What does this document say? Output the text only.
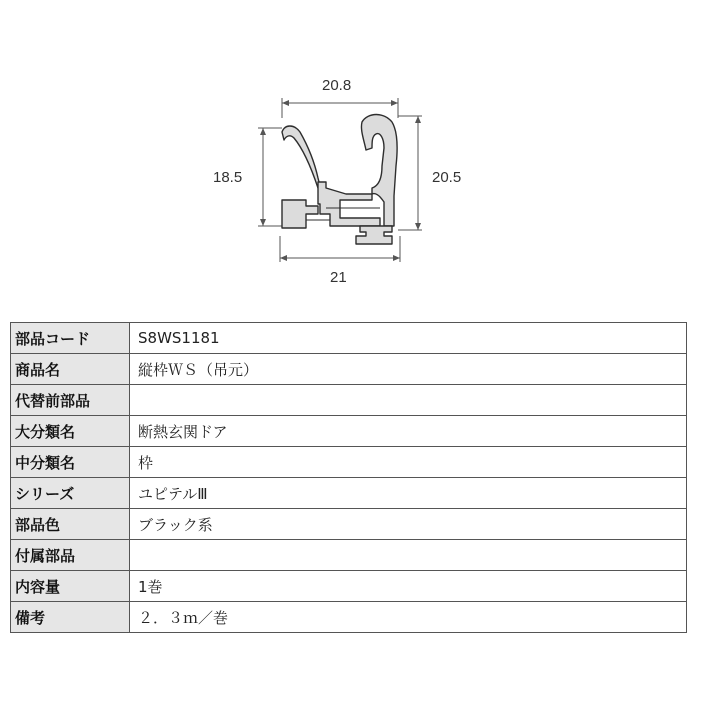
20.8
18.5	20.5
21
部品コード	S8WS1181
商品名	縦枠ＷＳ（吊元）
代替前部品	
大分類名	断熱玄関ドア
中分類名	枠
シリーズ	ユピテルⅢ
部品色	ブラック系
付属部品	
内容量	1巻
備考	２．３ｍ／巻
